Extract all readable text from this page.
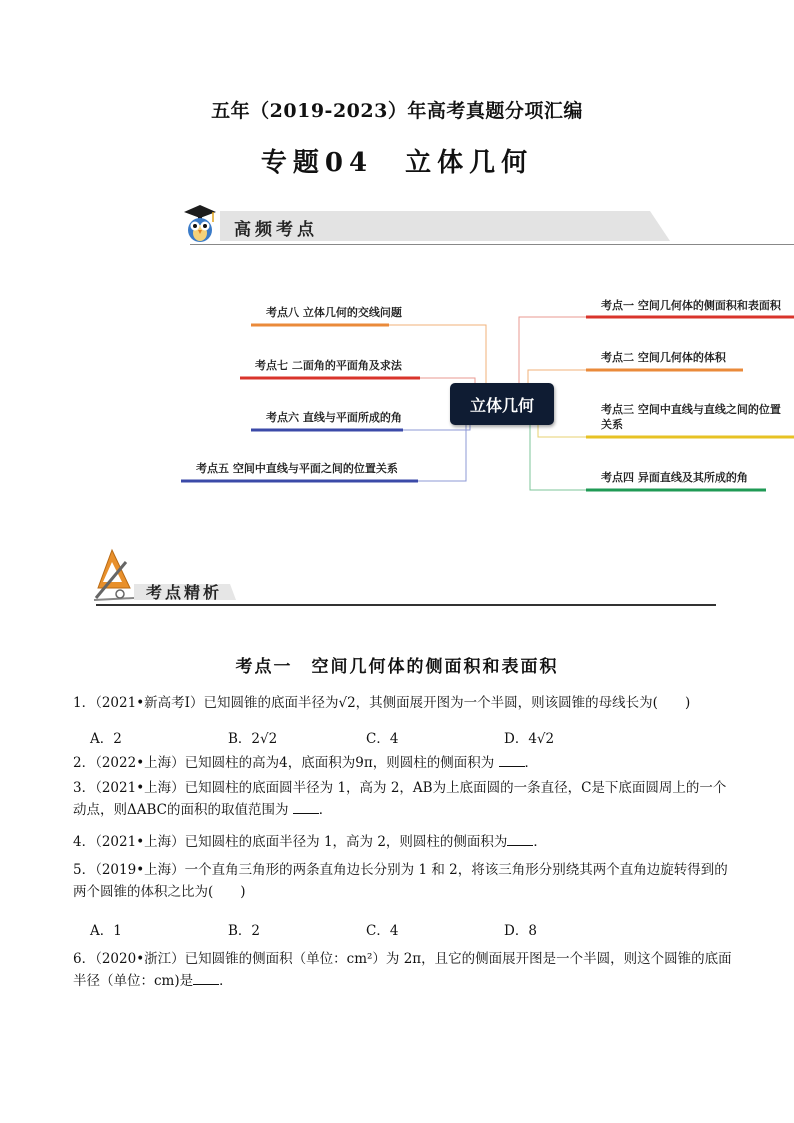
五年（2019-2023）年高考真题分项汇编
专题04　立体几何
高频考点
考点八 立体几何的交线问题
考点七 二面角的平面角及求法
考点六 直线与平面所成的角
考点五 空间中直线与平面之间的位置关系
考点一 空间几何体的侧面积和表面积
考点二 空间几何体的体积
考点三 空间中直线与直线之间的位置关系
考点四 异面直线及其所成的角
立体几何
考点精析
考点一　空间几何体的侧面积和表面积
1．（2021•新高考Ⅰ）已知圆锥的底面半径为√2，其侧面展开图为一个半圆，则该圆锥的母线长为(　　)
A．2	B．2√2	C．4	D．4√2
2．（2022•上海）已知圆柱的高为4，底面积为9π，则圆柱的侧面积为 ．
3．（2021•上海）已知圆柱的底面圆半径为 1，高为 2，AB为上底面圆的一条直径，C是下底面圆周上的一个动点，则ΔABC的面积的取值范围为 ．
4．（2021•上海）已知圆柱的底面半径为 1，高为 2，则圆柱的侧面积为 ．
5．（2019•上海）一个直角三角形的两条直角边长分别为 1 和 2，将该三角形分别绕其两个直角边旋转得到的两个圆锥的体积之比为(　　)
A．1	B．2	C．4	D．8
6．（2020•浙江）已知圆锥的侧面积（单位：cm²）为 2π，且它的侧面展开图是一个半圆，则这个圆锥的底面半径（单位：cm)是 ．
